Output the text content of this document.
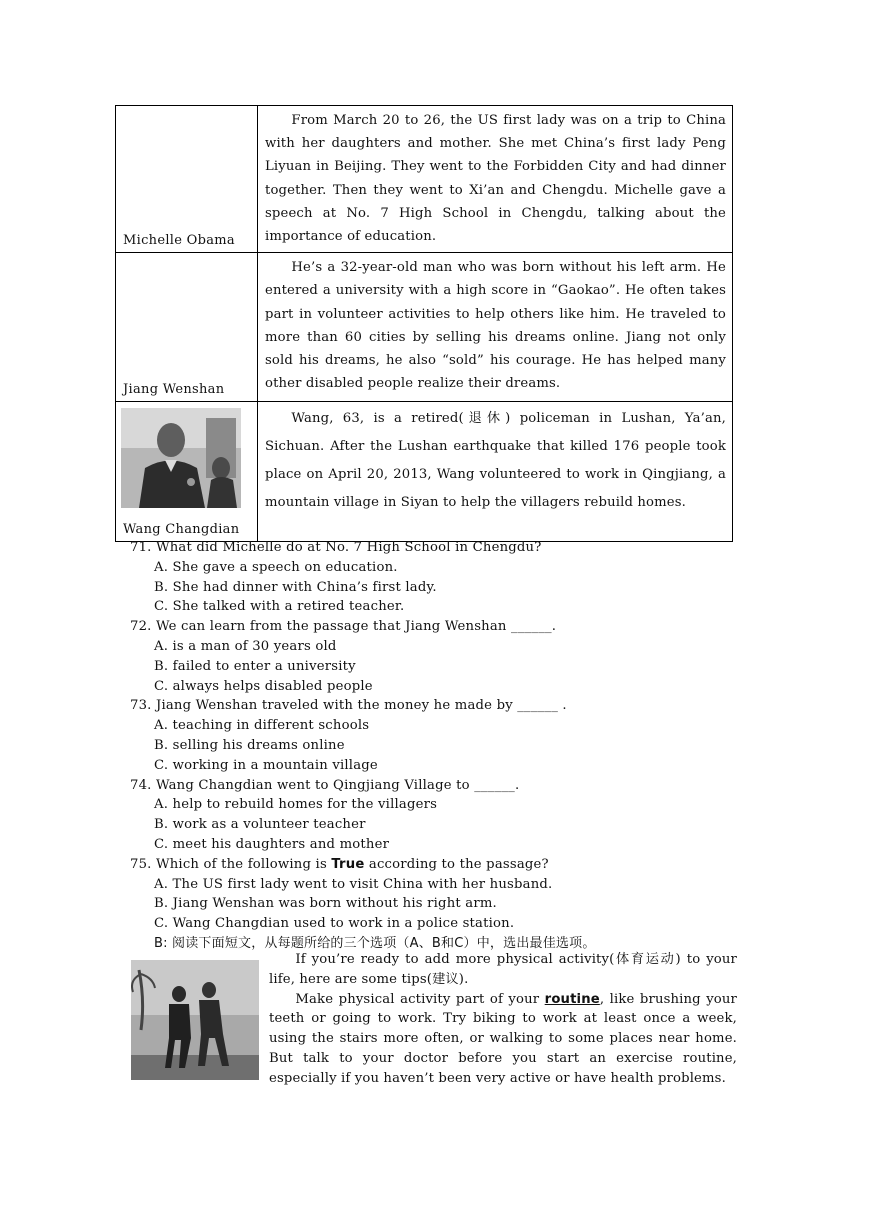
Michelle Obama	From March 20 to 26, the US first lady was on a trip to China with her daughters and mother. She met China’s first lady Peng Liyuan in Beijing. They went to the Forbidden City and had dinner together. Then they went to Xi’an and Chengdu. Michelle gave a speech at No. 7 High School in Chengdu, talking about the importance of education.

Jiang Wenshan	He’s a 32-year-old man who was born without his left arm. He entered a university with a high score in “Gaokao”. He often takes part in volunteer activities to help others like him. He traveled to more than 60 cities by selling his dreams online. Jiang not only sold his dreams, he also “sold” his courage. He has helped many other disabled people realize their dreams.

Wang Changdian	Wang, 63, is a retired(退休) policeman in Lushan, Ya’an, Sichuan. After the Lushan earthquake that killed 176 people took place on April 20, 2013, Wang volunteered to work in Qingjiang, a mountain village in Siyan to help the villagers rebuild homes.
71. What did Michelle do at No. 7 High School in Chengdu?
A. She gave a speech on education.
B. She had dinner with China’s first lady.
C. She talked with a retired teacher.
72. We can learn from the passage that Jiang Wenshan ______.
A. is a man of 30 years old
B. failed to enter a university
C. always helps disabled people
73. Jiang Wenshan traveled with the money he made by ______ .
A. teaching in different schools
B. selling his dreams online
C. working in a mountain village
74. Wang Changdian went to Qingjiang Village to ______.
A. help to rebuild homes for the villagers
B. work as a volunteer teacher
C. meet his daughters and mother
75. Which of the following is True according to the passage?
A. The US first lady went to visit China with her husband.
B. Jiang Wenshan was born without his right arm.
C. Wang Changdian used to work in a police station.
B: 阅读下面短文，从每题所给的三个选项（A、B和C）中，选出最佳选项。

If you’re ready to add more physical activity(体育运动) to your life, here are some tips(建议).

Make physical activity part of your routine, like brushing your teeth or going to work. Try biking to work at least once a week, using the stairs more often, or walking to some places near home. But talk to your doctor before you start an exercise routine, especially if you haven’t been very active or have health problems.
